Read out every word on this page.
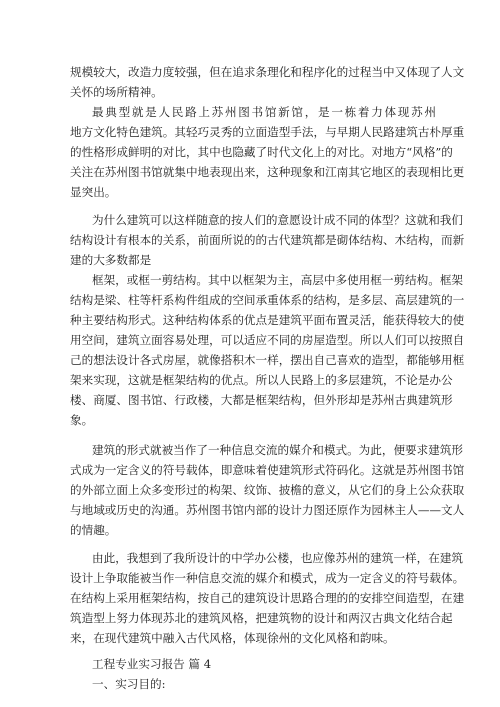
规模较大，改造力度较强，但在追求条理化和程序化的过程当中又体现了人文
关怀的场所精神。
最典型就是人民路上苏州图书馆新馆，是一栋着力体现苏州
地方文化特色建筑。其轻巧灵秀的立面造型手法，与早期人民路建筑古朴厚重
的性格形成鲜明的对比，其中也隐藏了时代文化上的对比。对地方“风格”的
关注在苏州图书馆就集中地表现出来，这种现象和江南其它地区的表现相比更
显突出。
为什么建筑可以这样随意的按人们的意愿设计成不同的体型？这就和我们
结构设计有根本的关系，前面所说的的古代建筑都是砌体结构、木结构，而新
建的大多数都是
框架，或框一剪结构。其中以框架为主，高层中多使用框一剪结构。框架
结构是梁、柱等杆系构件组成的空间承重体系的结构，是多层、高层建筑的一
种主要结构形式。这种结构体系的优点是建筑平面布置灵活，能获得较大的使
用空间，建筑立面容易处理，可以适应不同的房屋造型。所以人们可以按照自
己的想法设计各式房屋，就像搭积木一样，摆出自己喜欢的造型，都能够用框
架来实现，这就是框架结构的优点。所以人民路上的多层建筑，不论是办公
楼、商厦、图书馆、行政楼，大都是框架结构，但外形却是苏州古典建筑形
象。
建筑的形式就被当作了一种信息交流的媒介和模式。为此，便要求建筑形
式成为一定含义的符号载体，即意味着使建筑形式符码化。这就是苏州图书馆
的外部立面上众多变形过的构架、纹饰、披檐的意义，从它们的身上公众获取
与地域或历史的沟通。苏州图书馆内部的设计力图还原作为园林主人——文人
的情趣。
由此，我想到了我所设计的中学办公楼，也应像苏州的建筑一样，在建筑
设计上争取能被当作一种信息交流的媒介和模式，成为一定含义的符号载体。
在结构上采用框架结构，按自己的建筑设计思路合理的的安排空间造型，在建
筑造型上努力体现苏北的建筑风格，把建筑物的设计和两汉古典文化结合起
来，在现代建筑中融入古代风格，体现徐州的文化风格和韵味。
工程专业实习报告 篇 4
一、实习目的:
